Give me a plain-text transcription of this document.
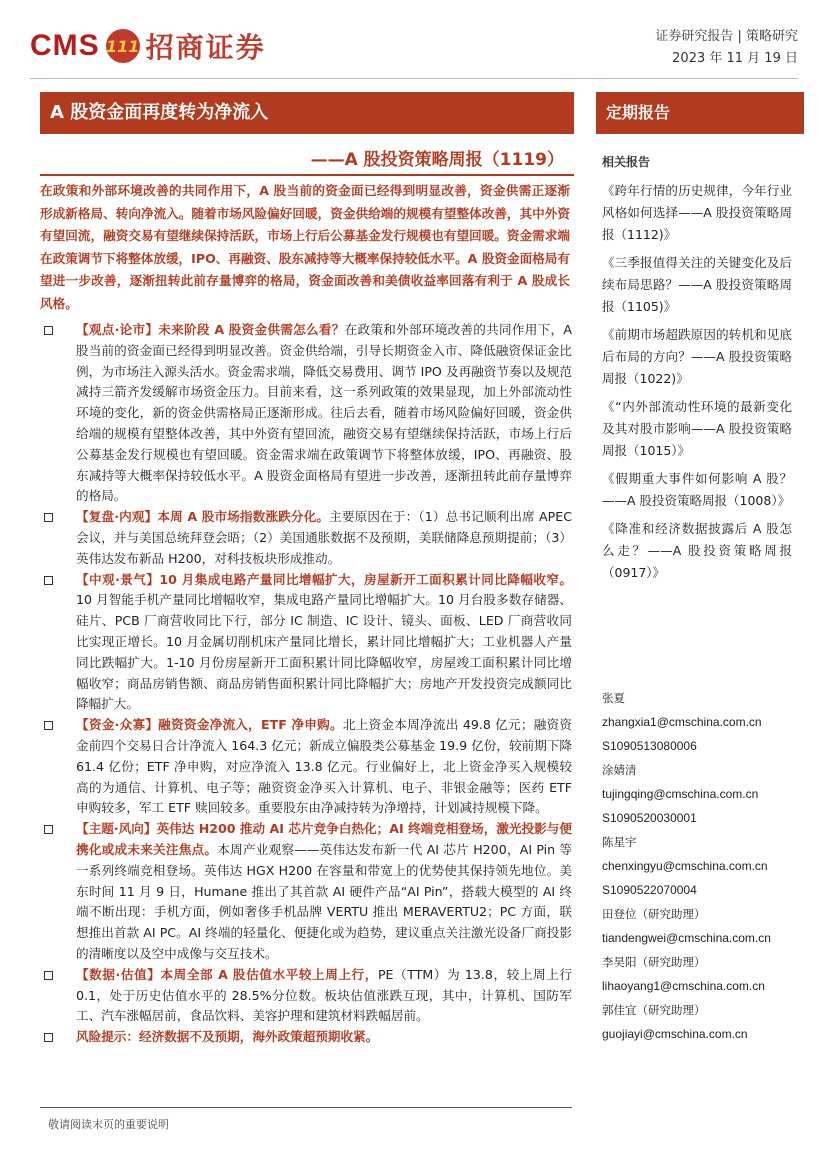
CMS 111 招商证券	证券研究报告 | 策略研究
2023 年 11 月 19 日
A 股资金面再度转为净流入
——A 股投资策略周报（1119）
定期报告
相关报告
《跨年行情的历史规律，今年行业风格如何选择——A 股投资策略周报（1112)》
《三季报值得关注的关键变化及后续布局思路？——A 股投资策略周报（1105)》
《前期市场超跌原因的转机和见底后布局的方向？——A 股投资策略周报（1022)》
《“内外部流动性环境的最新变化及其对股市影响——A 股投资策略周报（1015）》
《假期重大事件如何影响 A 股？——A 股投资策略周报（1008）》
《降准和经济数据披露后 A 股怎么走？——A 股投资策略周报（0917）》
在政策和外部环境改善的共同作用下，A 股当前的资金面已经得到明显改善，资金供需正逐渐形成新格局、转向净流入。随着市场风险偏好回暖，资金供给端的规模有望整体改善，其中外资有望回流，融资交易有望继续保持活跃，市场上行后公募基金发行规模也有望回暖。资金需求端在政策调节下将整体放缓，IPO、再融资、股东减持等大概率保持较低水平。A 股资金面格局有望进一步改善，逐渐扭转此前存量博弈的格局，资金面改善和美债收益率回落有利于 A 股成长风格。
【观点·论市】未来阶段 A 股资金供需怎么看？在政策和外部环境改善的共同作用下，A 股当前的资金面已经得到明显改善。资金供给端，引导长期资金入市、降低融资保证金比例，为市场注入源头活水。资金需求端，降低交易费用、调节 IPO 及再融资节奏以及规范减持三箭齐发缓解市场资金压力。目前来看，这一系列政策的效果显现，加上外部流动性环境的变化，新的资金供需格局正逐渐形成。往后去看，随着市场风险偏好回暖，资金供给端的规模有望整体改善，其中外资有望回流，融资交易有望继续保持活跃，市场上行后公募基金发行规模也有望回暖。资金需求端在政策调节下将整体放缓，IPO、再融资、股东减持等大概率保持较低水平。A 股资金面格局有望进一步改善，逐渐扭转此前存量博弈的格局。
【复盘·内观】本周 A 股市场指数涨跌分化。主要原因在于：（1）总书记顺利出席 APEC 会议，并与美国总统拜登会晤；（2）美国通胀数据不及预期，美联储降息预期提前；（3）英伟达发布新品 H200，对科技板块形成推动。
【中观·景气】10 月集成电路产量同比增幅扩大，房屋新开工面积累计同比降幅收窄。10 月智能手机产量同比增幅收窄，集成电路产量同比增幅扩大。10 月台股多数存储器、硅片、PCB 厂商营收同比下行，部分 IC 制造、IC 设计、镜头、面板、LED 厂商营收同比实现正增长。10 月金属切削机床产量同比增长，累计同比增幅扩大；工业机器人产量同比跌幅扩大。1-10 月份房屋新开工面积累计同比降幅收窄，房屋竣工面积累计同比增幅收窄；商品房销售额、商品房销售面积累计同比降幅扩大；房地产开发投资完成额同比降幅扩大。
【资金·众寡】融资资金净流入，ETF 净申购。北上资金本周净流出 49.8 亿元；融资资金前四个交易日合计净流入 164.3 亿元；新成立偏股类公募基金 19.9 亿份，较前期下降 61.4 亿份；ETF 净申购，对应净流入 13.8 亿元。行业偏好上，北上资金净买入规模较高的为通信、计算机、电子等；融资资金净买入计算机、电子、非银金融等；医药 ETF 申购较多，军工 ETF 赎回较多。重要股东由净减持转为净增持，计划减持规模下降。
【主题·风向】英伟达 H200 推动 AI 芯片竞争白热化；AI 终端竞相登场，激光投影与便携化或成未来关注焦点。本周产业观察——英伟达发布新一代 AI 芯片 H200，AI Pin 等一系列终端竞相登场。英伟达 HGX H200 在容量和带宽上的优势使其保持领先地位。美东时间 11 月 9 日，Humane 推出了其首款 AI 硬件产品“AI Pin”，搭载大模型的 AI 终端不断出现：手机方面，例如奢侈手机品牌 VERTU 推出 MERAVERTU2；PC 方面，联想推出首款 AI PC。AI 终端的轻量化、便捷化或为趋势，建议重点关注激光设备厂商投影的清晰度以及空中成像与交互技术。
【数据·估值】本周全部 A 股估值水平较上周上行，PE（TTM）为 13.8，较上周上行 0.1，处于历史估值水平的 28.5%分位数。板块估值涨跌互现，其中，计算机、国防军工、汽车涨幅居前，食品饮料、美容护理和建筑材料跌幅居前。
风险提示：经济数据不及预期，海外政策超预期收紧。
张夏
zhangxia1@cmschina.com.cn
S1090513080006
涂婧清
tujingqing@cmschina.com.cn
S1090520030001
陈星宇
chenxingyu@cmschina.com.cn
S1090522070004
田登位（研究助理）
tiandengwei@cmschina.com.cn
李昊阳（研究助理）
lihaoyang1@cmschina.com.cn
郭佳宜（研究助理）
guojiayi@cmschina.com.cn
敬请阅读末页的重要说明
